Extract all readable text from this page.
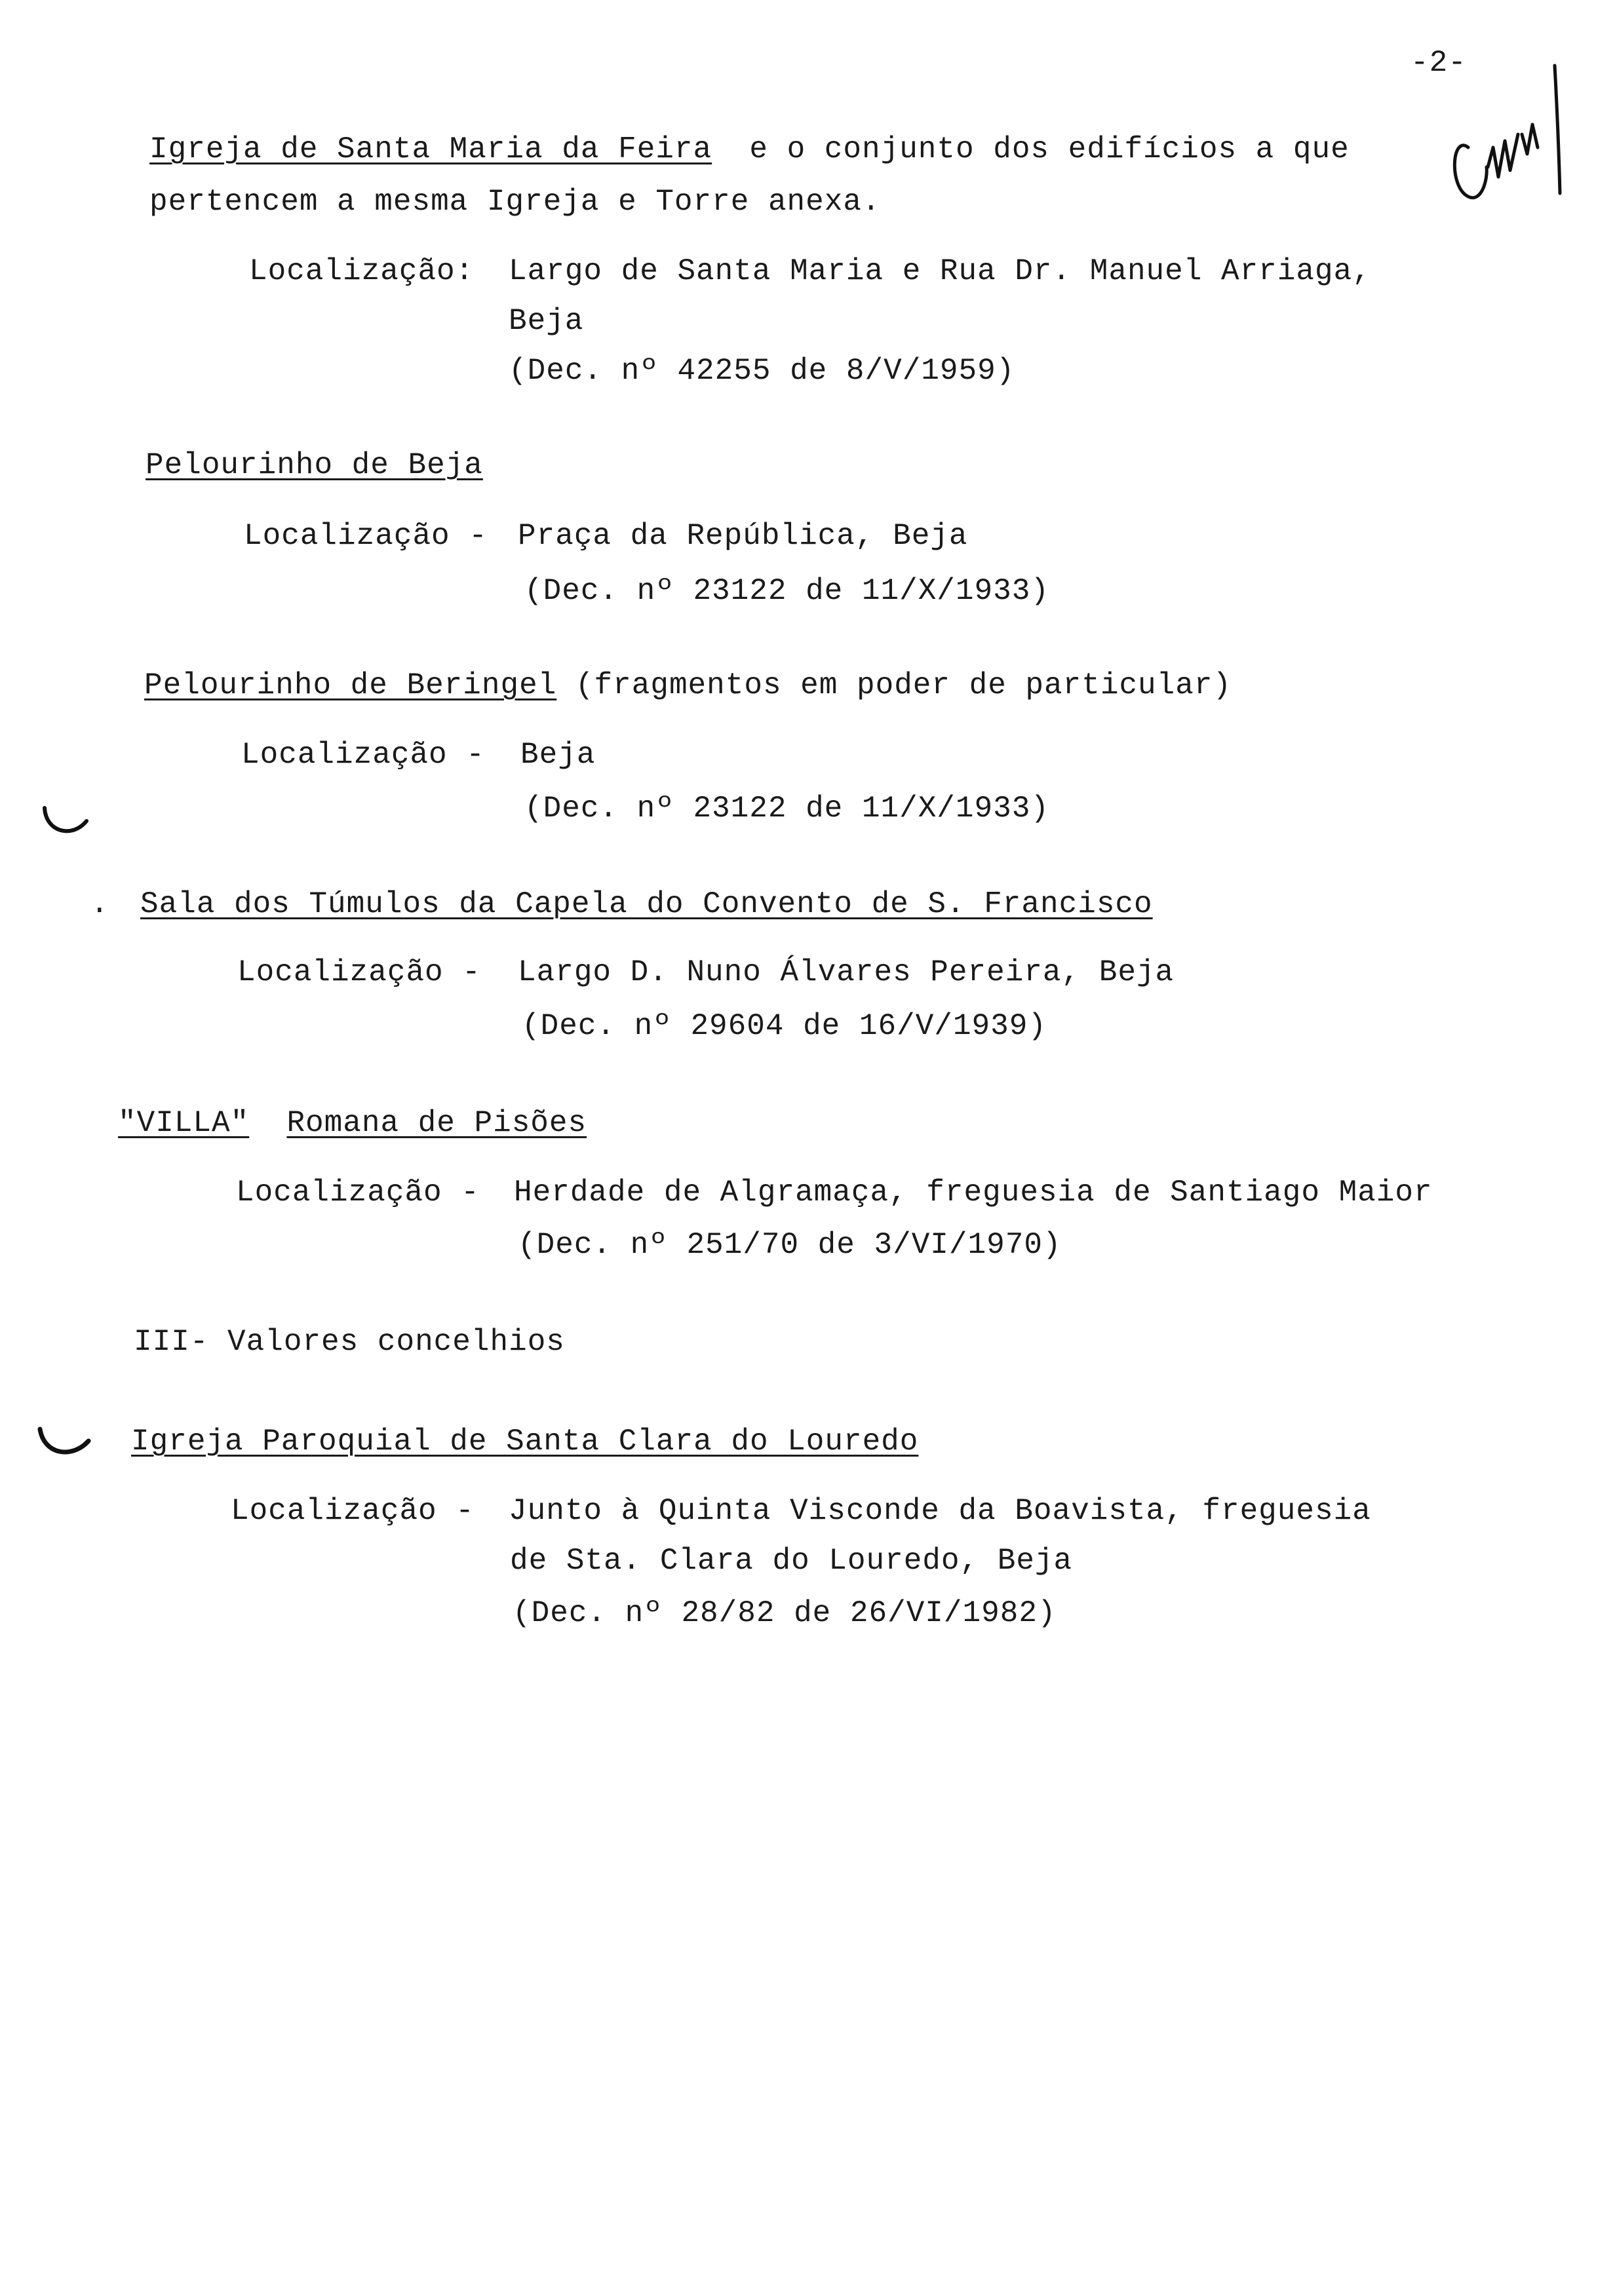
-2-
Igreja de Santa Maria da Feira e o conjunto dos edifícios a que
pertencem a mesma Igreja e Torre anexa.
Localização: Largo de Santa Maria e Rua Dr. Manuel Arriaga,
Beja
(Dec. nº 42255 de 8/V/1959)
Pelourinho de Beja
Localização - Praça da República, Beja
(Dec. nº 23122 de 11/X/1933)
Pelourinho de Beringel (fragmentos em poder de particular)
Localização - Beja
(Dec. nº 23122 de 11/X/1933)
. Sala dos Túmulos da Capela do Convento de S. Francisco
Localização - Largo D. Nuno Álvares Pereira, Beja
(Dec. nº 29604 de 16/V/1939)
"VILLA" Romana de Pisões
Localização - Herdade de Algramaça, freguesia de Santiago Maior
(Dec. nº 251/70 de 3/VI/1970)
III- Valores concelhios
Igreja Paroquial de Santa Clara do Louredo
Localização - Junto à Quinta Visconde da Boavista, freguesia
de Sta. Clara do Louredo, Beja
(Dec. nº 28/82 de 26/VI/1982)
